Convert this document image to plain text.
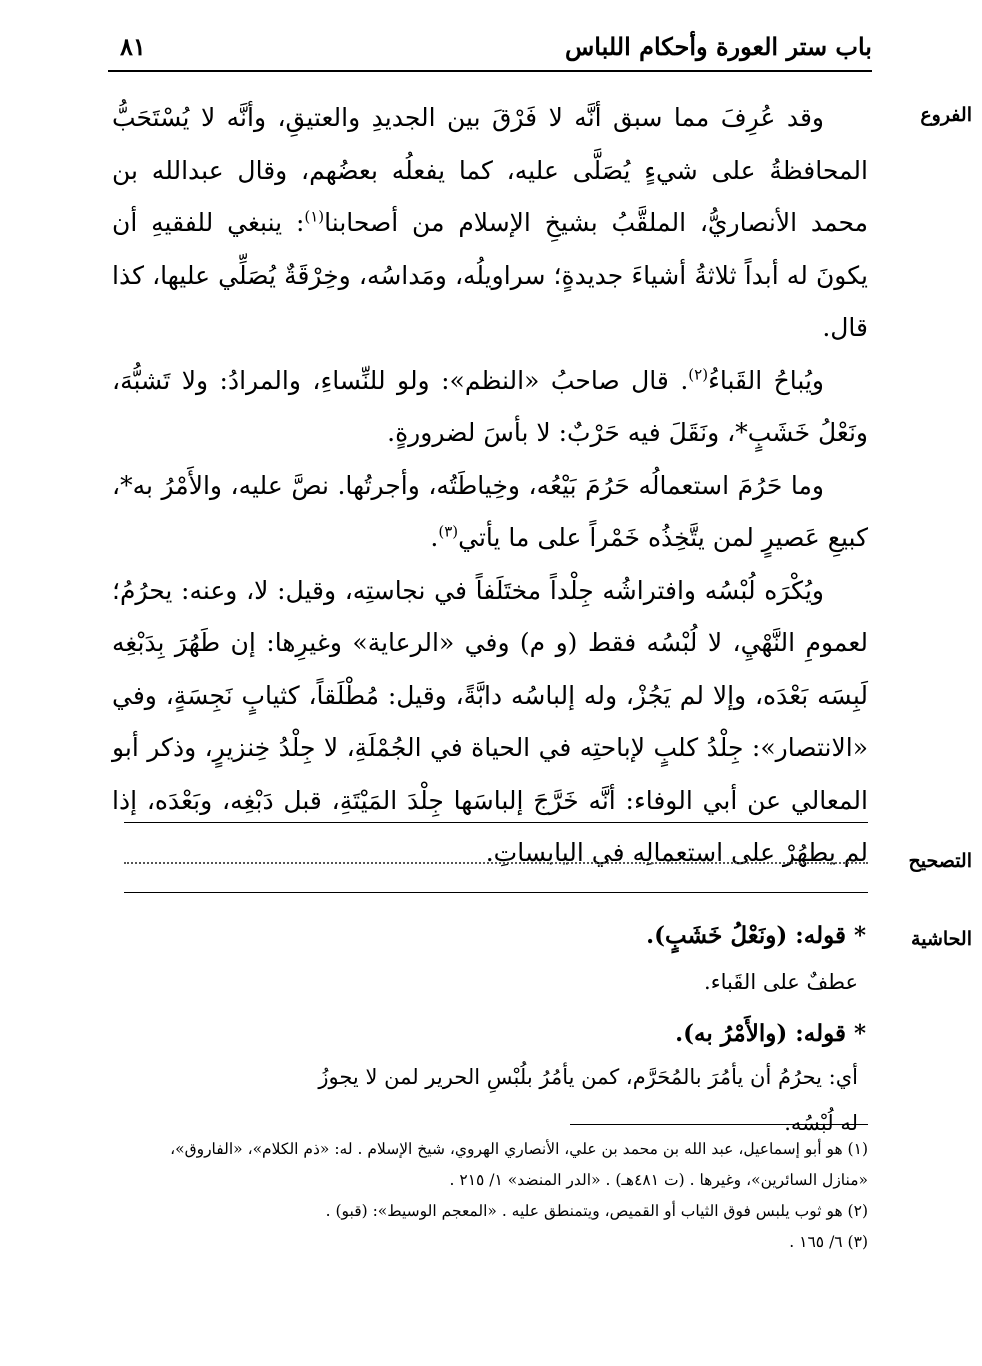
باب ستر العورة وأحكام اللباس
٨١
الفروع
التصحيح
الحاشية

وقد عُرِفَ مما سبق أنَّه لا فَرْقَ بين الجديدِ والعتيقِ، وأنَّه لا يُسْتَحَبُّ المحافظةُ على شيءٍ يُصَلَّى عليه، كما يفعلُه بعضُهم، وقال عبدالله بن محمد الأنصاريُّ، الملقَّبُ بشيخِ الإسلام من أصحابنا$^{(١)}$: ينبغي للفقيهِ أن يكونَ له أبداً ثلاثةُ أشياءَ جديدةٍ؛ سراويلُه، ومَداسُه، وخِرْقَةٌ يُصَلِّي عليها، كذا قال.

ويُباحُ القَباءُ$^{(٢)}$. قال صاحبُ «النظم»: ولو للنِّساءِ، والمرادُ: ولا تَشبُّهَ، ونَعْلُ خَشَبٍ*، ونَقَلَ فيه حَرْبٌ: لا بأسَ لضرورةٍ.

وما حَرُمَ استعمالُه حَرُمَ بَيْعُه، وخِياطَتُه، وأجرتُها. نصَّ عليه، والأَمْرُ به*، كبيعِ عَصيرٍ لمن يتَّخِذُه خَمْراً على ما يأتي$^{(٣)}$.

ويُكْرَه لُبْسُه وافتراشُه جِلْداً مختَلَفاً في نجاستِه، وقيل: لا، وعنه: يحرُمُ؛ لعمومِ النَّهْيِ، لا لُبْسُه فقط (و م) وفي «الرعاية» وغيرِها: إن طَهُرَ بِدَبْغِه لَبِسَه بَعْدَه، وإلا لم يَجُزْ، وله إلباسُه دابَّةً، وقيل: مُطْلَقاً، كثيابٍ نَجِسَةٍ، وفي «الانتصار»: جِلْدُ كلبٍ لإباحتِه في الحياة في الجُمْلَةِ، لا جِلْدُ خِنزيرٍ، وذكر أبو المعالي عن أبي الوفاء: أنَّه خَرَّجَ إلباسَها جِلْدَ المَيْتَةِ، قبل دَبْغِه، وبَعْدَه، إذا لم يطهُرْ على استعمالِه في اليابساتِ.

* قوله: (ونَعْلُ خَشَبٍ).
عطفٌ على القَباء.
* قوله: (والأَمْرُ به).
أي: يحرُمُ أن يأمُرَ بالمُحَرَّم، كمن يأمُرُ بلُبْسِ الحرير لمن لا يجوزُ له لُبْسُه.

(١) هو أبو إسماعيل، عبد الله بن محمد بن علي، الأنصاري الهروي، شيخ الإسلام . له: «ذم الكلام»، «الفاروق»،

«منازل السائرين»، وغيرها . (ت ٤٨١هـ) . «الدر المنضد» ١/ ٢١٥ .

(٢) هو ثوب يلبس فوق الثياب أو القميص، ويتمنطق عليه . «المعجم الوسيط»: (قبو) .

(٣) ٦/ ١٦٥ .
